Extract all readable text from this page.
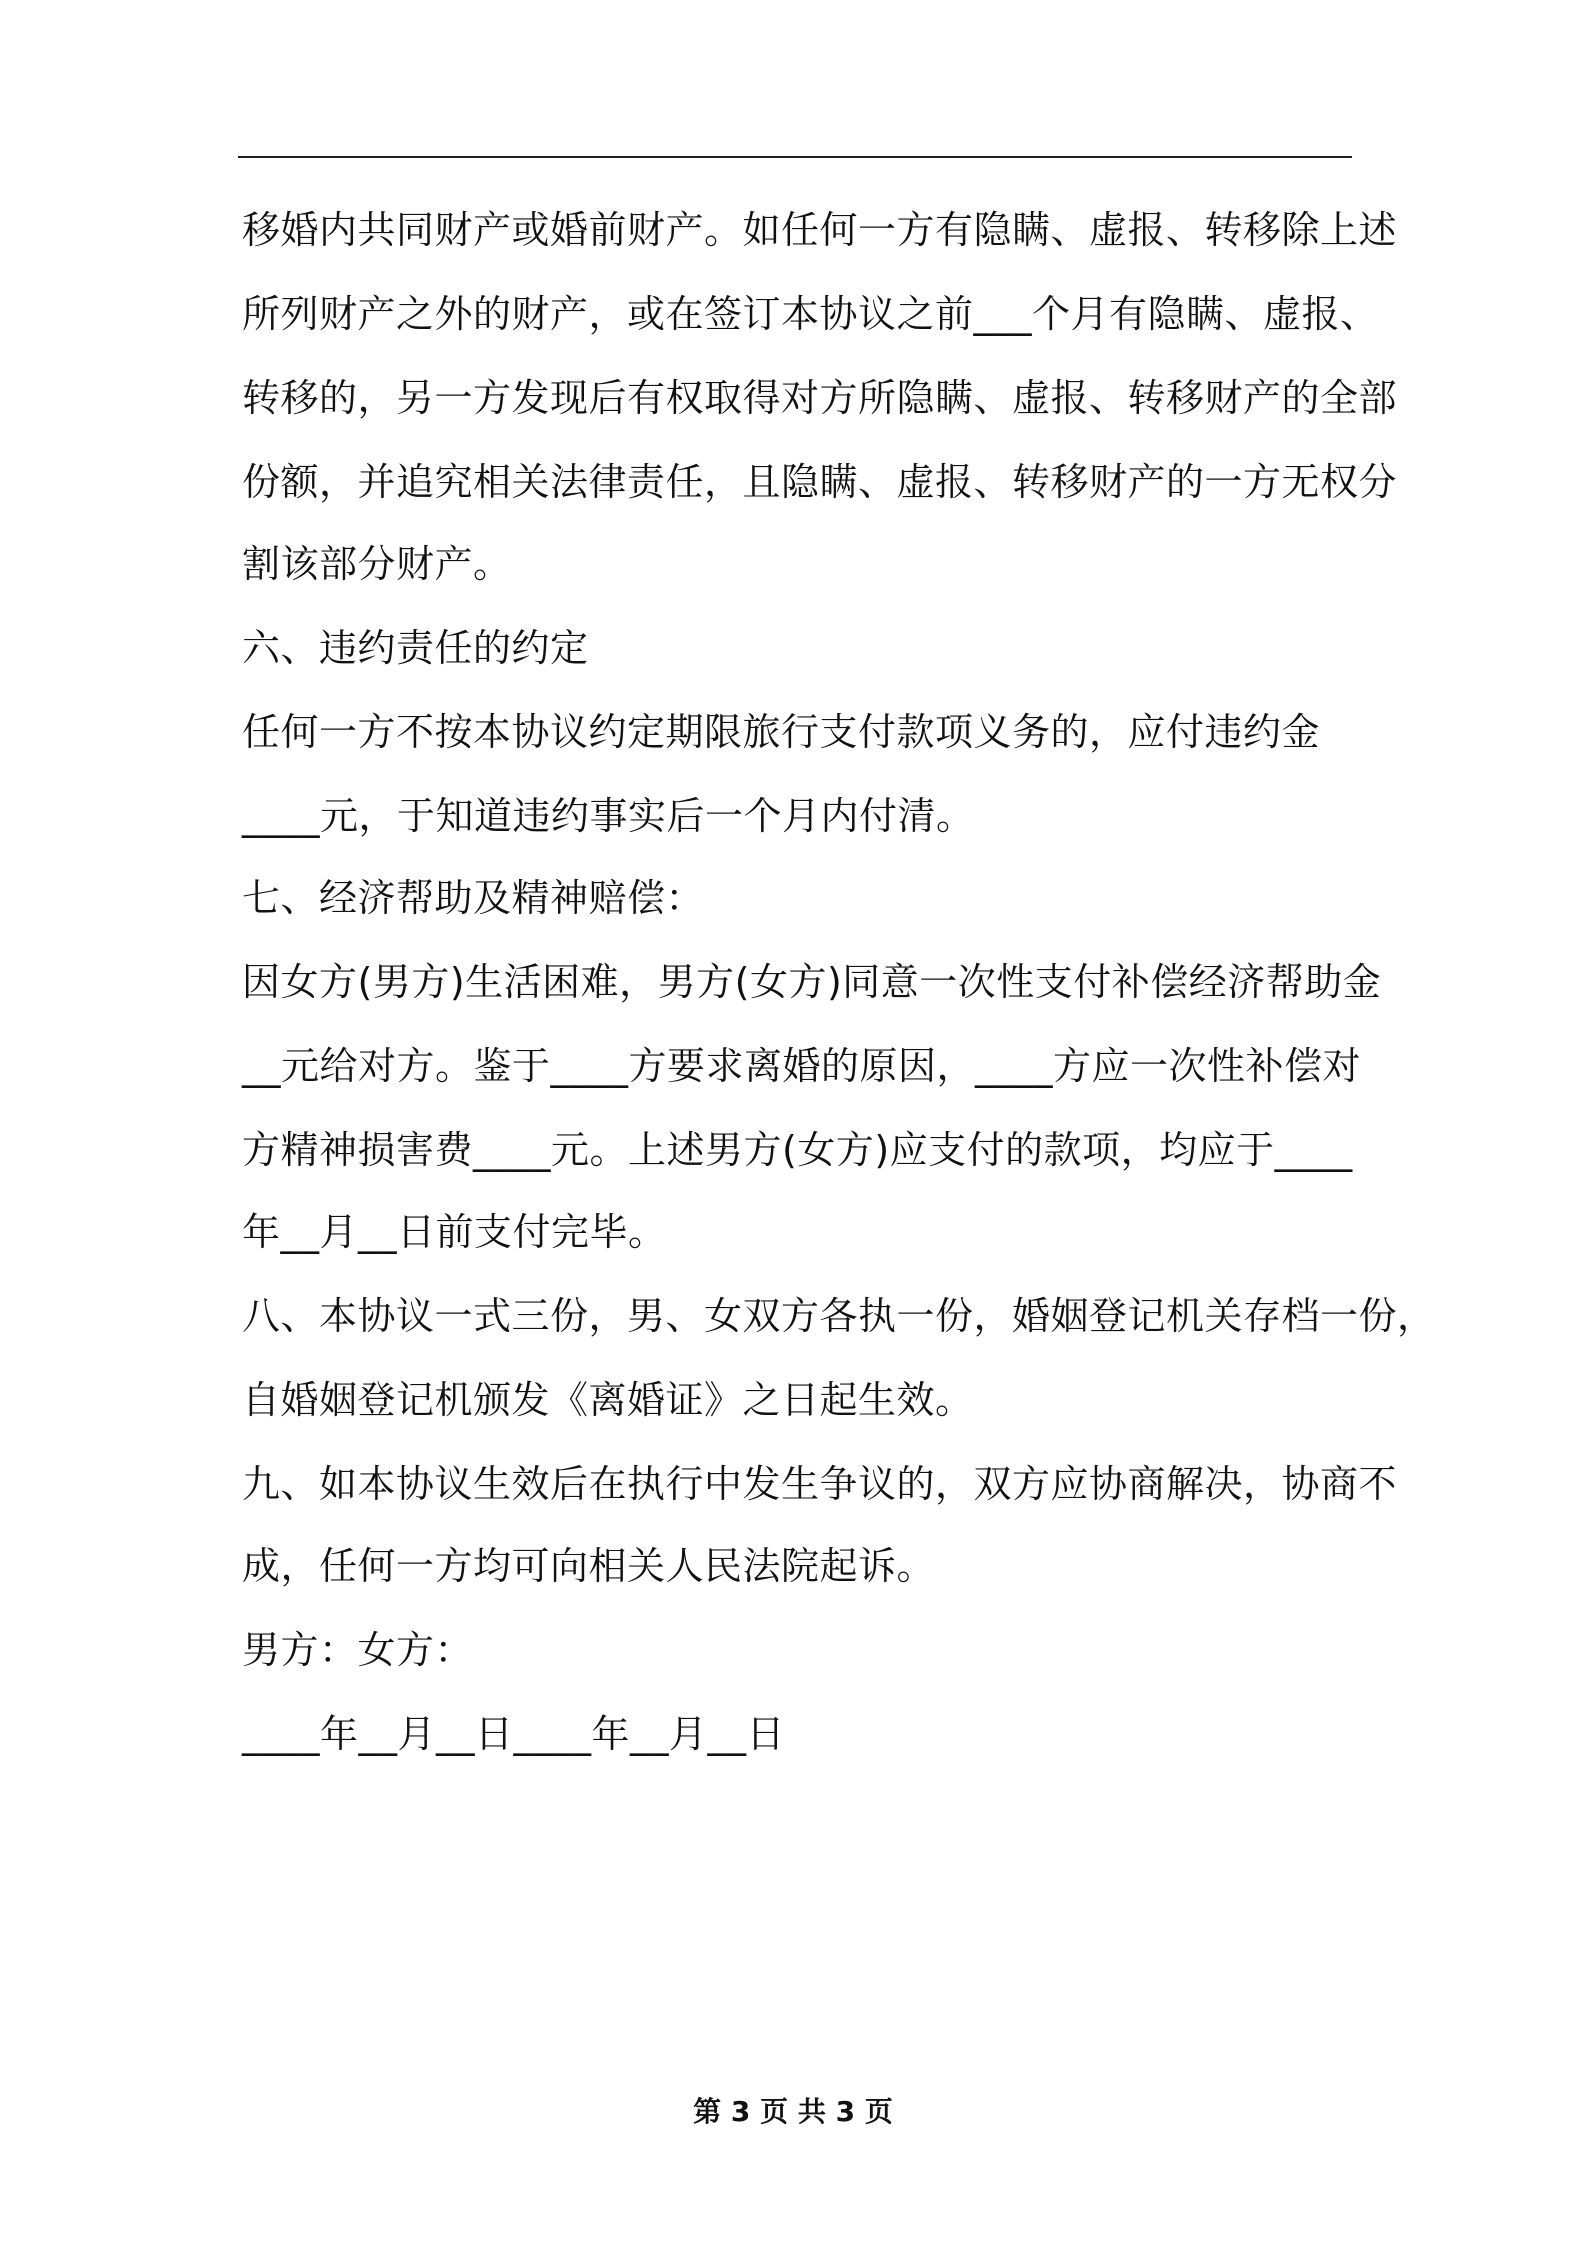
移婚内共同财产或婚前财产。如任何一方有隐瞒、虚报、转移除上述
所列财产之外的财产，或在签订本协议之前___个月有隐瞒、虚报、
转移的，另一方发现后有权取得对方所隐瞒、虚报、转移财产的全部
份额，并追究相关法律责任，且隐瞒、虚报、转移财产的一方无权分
割该部分财产。
六、违约责任的约定
任何一方不按本协议约定期限旅行支付款项义务的，应付违约金
____元，于知道违约事实后一个月内付清。
七、经济帮助及精神赔偿：
因女方(男方)生活困难，男方(女方)同意一次性支付补偿经济帮助金
__元给对方。鉴于____方要求离婚的原因，____方应一次性补偿对
方精神损害费____元。上述男方(女方)应支付的款项，均应于____
年__月__日前支付完毕。
八、本协议一式三份，男、女双方各执一份，婚姻登记机关存档一份，
自婚姻登记机颁发《离婚证》之日起生效。
九、如本协议生效后在执行中发生争议的，双方应协商解决，协商不
成，任何一方均可向相关人民法院起诉。
男方：女方：
____年__月__日____年__月__日
第 3 页 共 3 页
